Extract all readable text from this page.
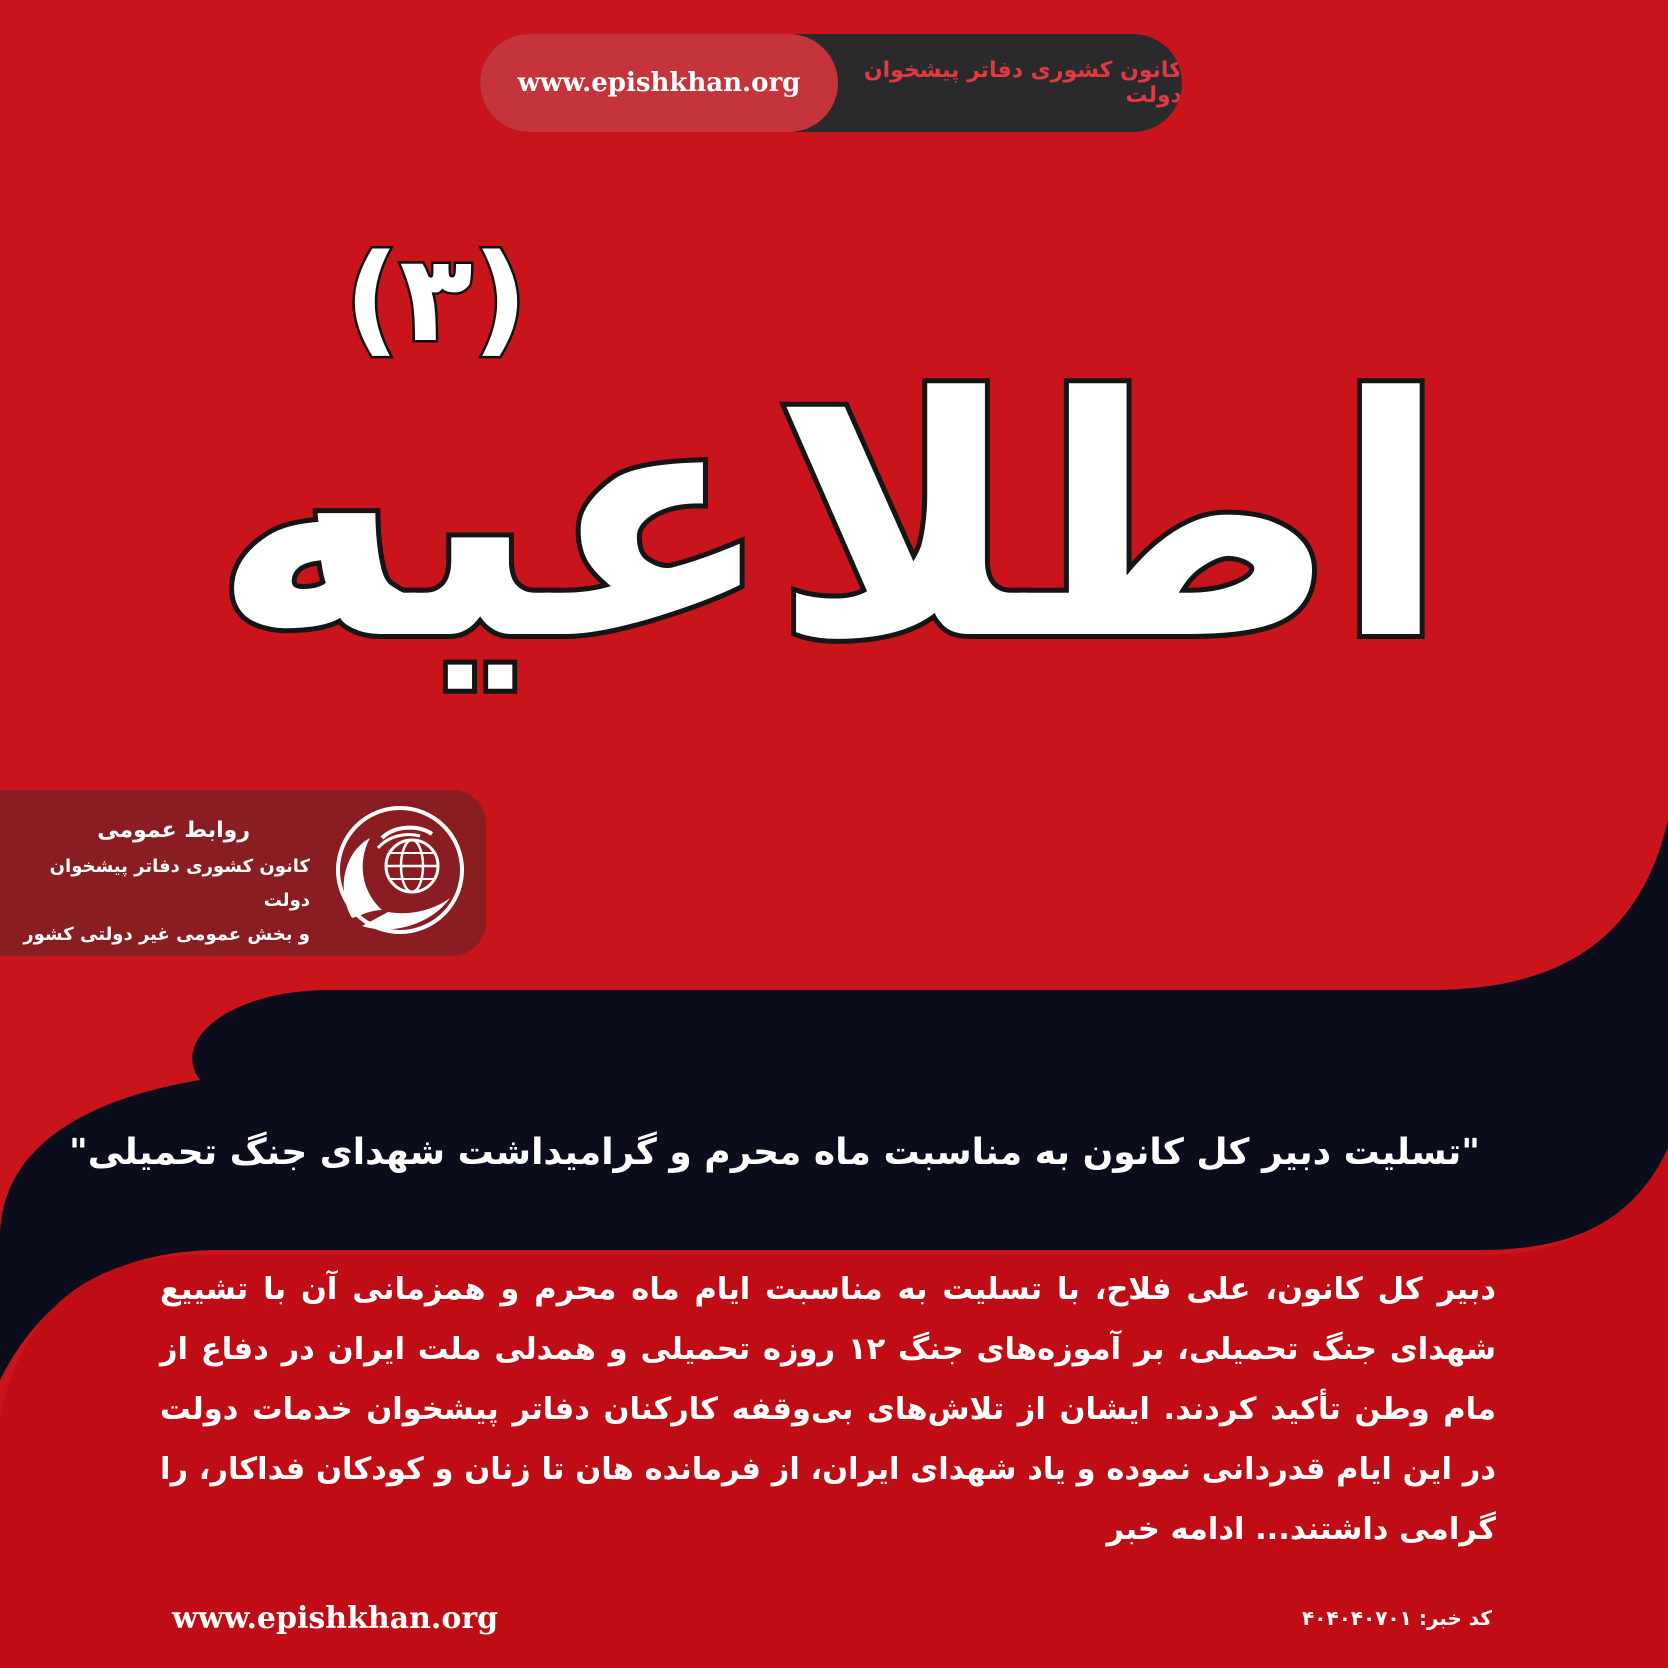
www.epishkhan.org	کانون کشوری دفاتر پیشخوان دولت
(۳)
اطلاعیه
روابط عمومی
کانون کشوری دفاتر پیشخوان دولت
و بخش عمومی غیر دولتی کشور
"تسلیت دبیر کل کانون به مناسبت ماه محرم و گرامیداشت شهدای جنگ تحمیلی"
دبیر کل کانون، علی فلاح، با تسلیت به مناسبت ایام ماه محرم و همزمانی آن با تشییع شهدای جنگ تحمیلی، بر آموزه‌های جنگ ۱۲ روزه تحمیلی و همدلی ملت ایران در دفاع از مام وطن تأکید کردند. ایشان از تلاش‌های بی‌وقفه کارکنان دفاتر پیشخوان خدمات دولت در این ایام قدردانی نموده و یاد شهدای ایران، از فرمانده هان تا زنان و کودکان فداکار، را گرامی داشتند... ادامه خبر
www.epishkhan.org	کد خبر: ۴۰۴۰۴۰۷۰۱
